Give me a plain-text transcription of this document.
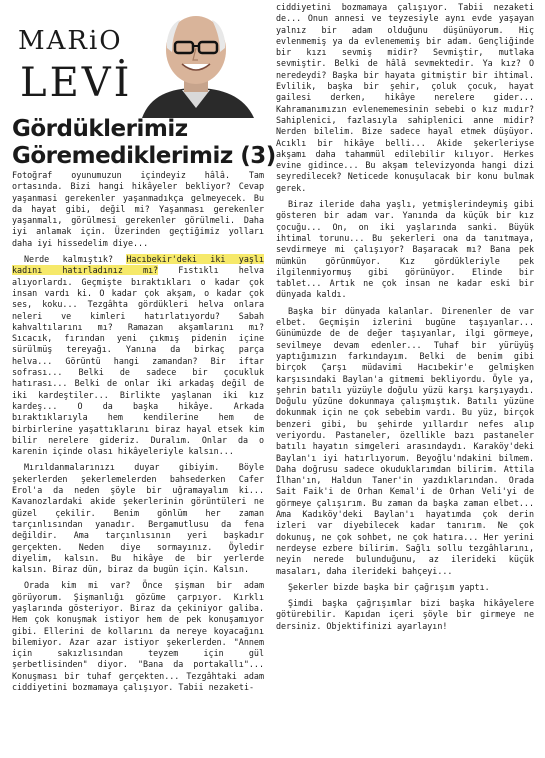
MARiO
LEVİ
Gördüklerimiz
Göremediklerimiz (3)

Fotoğraf oyunumuzun içindeyiz hâlâ. Tam ortasında. Bizi hangi hikâyeler bekliyor? Cevap yaşanmasi gerekenler yaşanmadıkça gelmeyecek. Bu da hayat gibi, değil mi? Yaşanması gerekenler yaşanmalı, görülmesi gerekenler görülmeli. Daha iyi anlamak için. Üzerinden geçtiğimiz yolları daha iyi hissedelim diye...

Nerde kalmıştık? Hacıbekir'deki iki yaşlı kadını hatırladınız mı? Fıstıklı helva alıyorlardı. Geçmişte bıraktıkları o kadar çok insan vardı ki. O kadar çok akşam, o kadar çok ses, koku... Tezgâhta gördükleri helva onlara neleri ve kimleri hatırlatıyordu? Sabah kahvaltılarını mı? Ramazan akşamlarını mı? Sıcacık, fırından yeni çıkmış pidenin içine sürülmüş tereyağı. Yanına da birkaç parça helva... Görüntü hangi zamandan? Bir iftar sofrası... Belki de sadece bir çocukluk hatırası... Belki de onlar iki arkadaş değil de iki kardeştiler... Birlikte yaşlanan iki kız kardeş... O da başka hikâye. Arkada bıraktıklarıyla hem kendilerine hem de birbirlerine yaşattıklarını biraz hayal etsek kim bilir nerelere gideriz. Duralım. Onlar da o karenin içinde olası hikâyeleriyle kalsın...

Mırıldanmalarınızı duyar gibiyim. Böyle şekerlerden şekerlemelerden bahsederken Cafer Erol'a da neden şöyle bir uğramayalım ki... Kavanozlardaki akide şekerlerinin görüntüleri ne güzel çekilir. Benim gönlüm her zaman tarçınlısından yanadır. Bergamutlusu da fena değildir. Ama tarçınlısının yeri başkadır gerçekten. Neden diye sormayınız. Öyledir diyelim, kalsın. Bu hikâye de bir yerlerde kalsın. Biraz dün, biraz da bugün için. Kalsın.

Orada kim mi var? Önce şişman bir adam görüyorum. Şişmanlığı gözüme çarpıyor. Kırklı yaşlarında gösteriyor. Biraz da çekiniyor galiba. Hem çok konuşmak istiyor hem de pek konuşamıyor gibi. Ellerini de kollarını da nereye koyacağını bilemiyor. Azar azar istiyor şekerlerden. "Annem için sakızlısından teyzem için gül şerbetlisinden" diyor. "Bana da portakallı"... Konuşması bir tuhaf gerçekten... Tezgâhtaki adam ciddiyetini bozmamaya çalışıyor. Tabii nezaketi-

ciddiyetini bozmamaya çalışıyor. Tabii nezaketi de... Onun annesi ve teyzesiyle aynı evde yaşayan yalnız bir adam olduğunu düşünüyorum. Hiç evlenmemiş ya da evlenememiş bir adam. Gençliğinde bir kızı sevmiş midir? Sevmiştir, mutlaka sevmiştir. Belki de hâlâ sevmektedir. Ya kız? O neredeydi? Başka bir hayata gitmiştir bir ihtimal. Evlilik, başka bir şehir, çoluk çocuk, hayat gailesi derken, hikâye nerelere gider... Kahramanımızın evlenememesinin sebebi o kız mıdır? Sahiplenici, fazlasıyla sahiplenici anne midir? Nerden bilelim. Bize sadece hayal etmek düşüyor. Acıklı bir hikâye belli... Akide şekerleriyse akşamı daha tahammül edilebilir kılıyor. Herkes evine gidince... Bu akşam televizyonda hangi dizi seyredilecek? Neticede konuşulacak bir konu bulmak gerek.

Biraz ileride daha yaşlı, yetmişlerindeymiş gibi gösteren bir adam var. Yanında da küçük bir kız çocuğu... On, on iki yaşlarında sanki. Büyük ihtimal torunu... Bu şekerleri ona da tanıtmaya, sevdirmeye mi çalışıyor? Başaracak mı? Bana pek mümkün görünmüyor. Kız gördükleriyle pek ilgilenmiyormuş gibi görünüyor. Elinde bir tablet... Artık ne çok insan ne kadar eski bir dünyada kaldı.

Başka bir dünyada kalanlar. Direnenler de var elbet. Geçmişin izlerini bugüne taşıyanlar... Günümüzde de de değer taşıyanlar, ilgi görmeye, sevilmeye devam edenler... Tuhaf bir yürüyüş yaptığımızın farkındayım. Belki de benim gibi birçok Çarşı müdavimi Hacıbekir'e gelmişken karşısındaki Baylan'a gitmemi bekliyordu. Öyle ya, şehrin batılı yüzüyle doğulu yüzü karşı karşıyaydı. Doğulu yüzüne dokunmaya çalışmıştık. Batılı yüzüne dokunmak için ne çok sebebim vardı. Bu yüz, birçok benzeri gibi, bu şehirde yıllardır nefes alıp veriyordu. Pastaneler, özellikle bazı pastaneler batılı hayatın simgeleri arasındaydı. Karaköy'deki Baylan'ı iyi hatırlıyorum. Beyoğlu'ndakini bilmem. Daha doğrusu sadece okuduklarımdan bilirim. Attila İlhan'ın, Haldun Taner'in yazdıklarından. Orada Sait Faik'i de Orhan Kemal'i de Orhan Veli'yi de görmeye çalışırım. Bu zaman da başka zaman elbet... Ama Kadıköy'deki Baylan'ı hayatımda çok derin izleri var diyebilecek kadar tanırım. Ne çok dokunuş, ne çok sohbet, ne çok hatıra... Her yerini nerdeyse ezbere bilirim. Sağlı sollu tezgâhlarını, neyin nerede bulunduğunu, az ilerideki küçük masaları, daha ilerideki bahçeyi...

Şekerler bizde başka bir çağrışım yaptı.

Şimdi başka çağrışımlar bizi başka hikâyelere götürebilir. Kapıdan içeri şöyle bir girmeye ne dersiniz. Objektifinizi ayarlayın!
